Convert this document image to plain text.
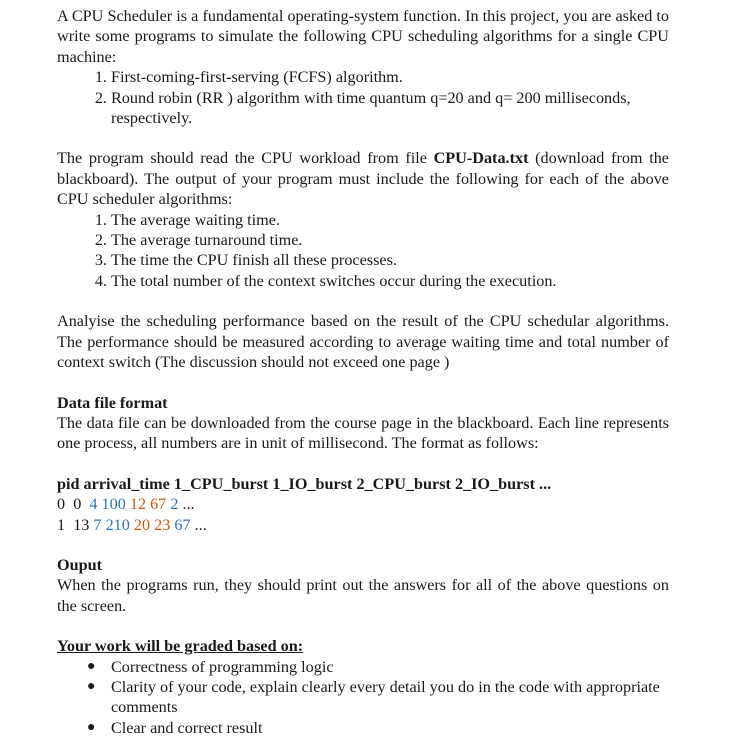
A CPU Scheduler is a fundamental operating-system function. In this project, you are asked to write some programs to simulate the following CPU scheduling algorithms for a single CPU machine:

1. First-coming-first-serving (FCFS) algorithm.
2. Round robin (RR ) algorithm with time quantum q=20 and q= 200 milliseconds, respectively.

The program should read the CPU workload from file CPU-Data.txt (download from the blackboard). The output of your program must include the following for each of the above CPU scheduler algorithms:

1. The average waiting time.
2. The average turnaround time.
3. The time the CPU finish all these processes.
4. The total number of the context switches occur during the execution.

Analyise the scheduling performance based on the result of the CPU schedular algorithms. The performance should be measured according to average waiting time and total number of context switch (The discussion should not exceed one page )

Data file format

The data file can be downloaded from the course page in the blackboard. Each line represents one process, all numbers are in unit of millisecond. The format as follows:

pid arrival_time 1_CPU_burst 1_IO_burst 2_CPU_burst 2_IO_burst ...

0 0 4 100 12 67 2 ...

1 13 7 210 20 23 67 ...

Ouput

When the programs run, they should print out the answers for all of the above questions on the screen.

Your work will be graded based on:

● Correctness of programming logic
● Clarity of your code, explain clearly every detail you do in the code with appropriate comments
● Clear and correct result
